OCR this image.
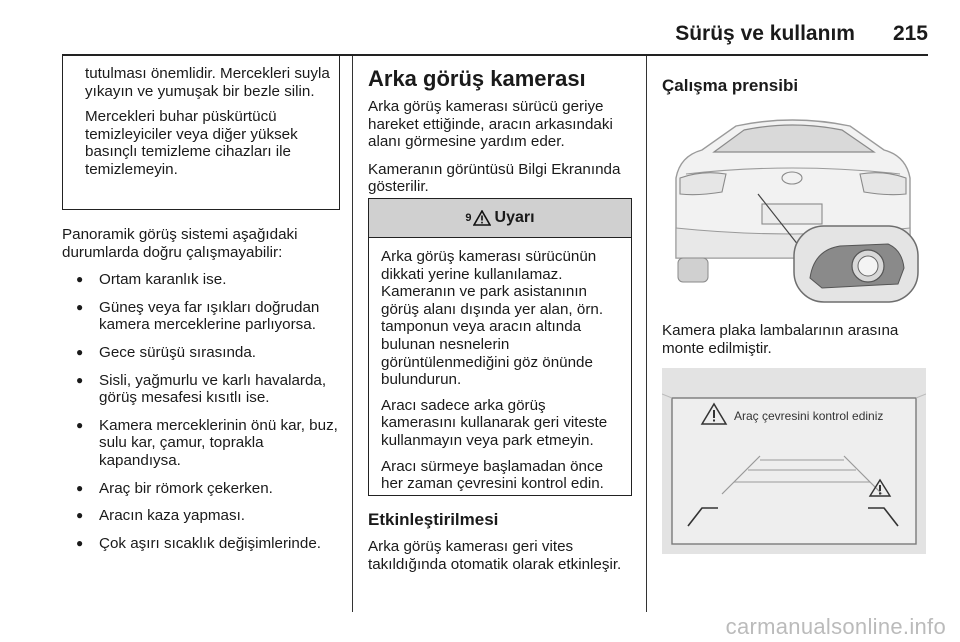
Sürüş ve kullanım 215

tutulması önemlidir. Mercekleri suyla yıkayın ve yumuşak bir bezle silin.

Mercekleri buhar püskürtücü temizleyiciler veya diğer yüksek basınçlı temizleme cihazları ile temizlemeyin.

Panoramik görüş sistemi aşağıdaki durumlarda doğru çalışmayabilir:

● Ortam karanlık ise.
● Güneş veya far ışıkları doğrudan kamera merceklerine parlıyorsa.
● Gece sürüşü sırasında.
● Sisli, yağmurlu ve karlı havalarda, görüş mesafesi kısıtlı ise.
● Kamera merceklerinin önü kar, buz, sulu kar, çamur, toprakla kapandıysa.
● Araç bir römork çekerken.
● Aracın kaza yapması.
● Çok aşırı sıcaklık değişimlerinde.
Arka görüş kamerası

Arka görüş kamerası sürücü geriye hareket ettiğinde, aracın arkasındaki alanı görmesine yardım eder.

Kameranın görüntüsü Bilgi Ekranında gösterilir.

9 Uyarı

Arka görüş kamerası sürücünün dikkati yerine kullanılamaz. Kameranın ve park asistanının görüş alanı dışında yer alan, örn. tamponun veya aracın altında bulunan nesnelerin görüntülenmediğini göz önünde bulundurun.

Aracı sadece arka görüş kamerasını kullanarak geri viteste kullanmayın veya park etmeyin.

Aracı sürmeye başlamadan önce her zaman çevresini kontrol edin.

Etkinleştirilmesi

Arka görüş kamerası geri vites takıldığında otomatik olarak etkinleşir.

Çalışma prensibi

Kamera plaka lambalarının arasına monte edilmiştir.

Araç çevresini kontrol ediniz
carmanualsonline.info
